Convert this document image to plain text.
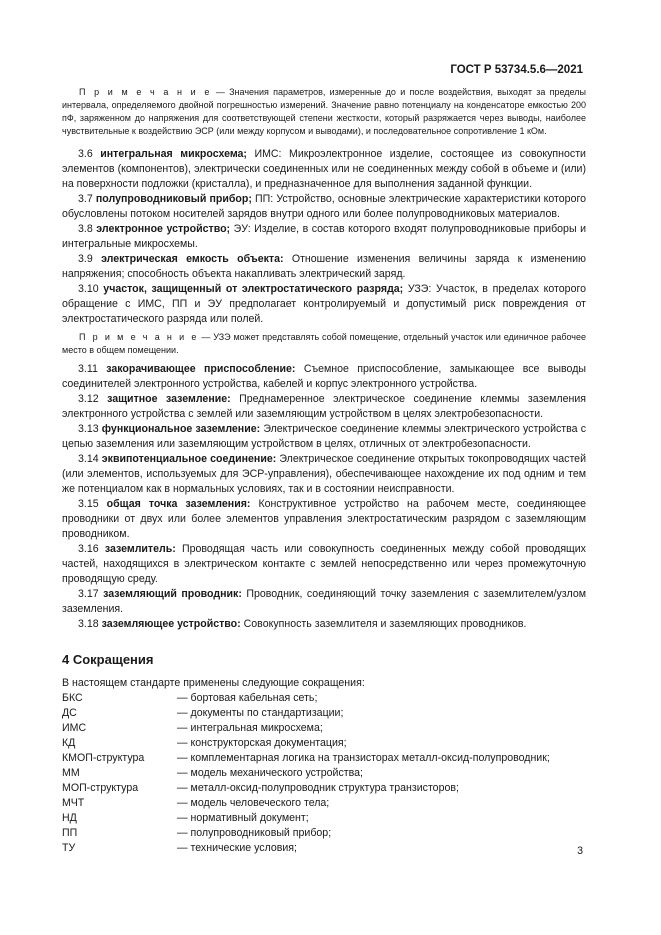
ГОСТ Р 53734.5.6—2021

П р и м е ч а н и е — Значения параметров, измеренные до и после воздействия, выходят за пределы интервала, определяемого двойной погрешностью измерений. Значение равно потенциалу на конденсаторе емкостью 200 пФ, заряженном до напряжения для соответствующей степени жесткости, который разряжается через выводы, наиболее чувствительные к воздействию ЭСР (или между корпусом и выводами), и последовательное сопротивление 1 кОм.

3.6 интегральная микросхема; ИМС: Микроэлектронное изделие, состоящее из совокупности элементов (компонентов), электрически соединенных или не соединенных между собой в объеме и (или) на поверхности подложки (кристалла), и предназначенное для выполнения заданной функции.

3.7 полупроводниковый прибор; ПП: Устройство, основные электрические характеристики которого обусловлены потоком носителей зарядов внутри одного или более полупроводниковых материалов.

3.8 электронное устройство; ЭУ: Изделие, в состав которого входят полупроводниковые приборы и интегральные микросхемы.

3.9 электрическая емкость объекта: Отношение изменения величины заряда к изменению напряжения; способность объекта накапливать электрический заряд.

3.10 участок, защищенный от электростатического разряда; УЗЭ: Участок, в пределах которого обращение с ИМС, ПП и ЭУ предполагает контролируемый и допустимый риск повреждения от электростатического разряда или полей.

П р и м е ч а н и е — УЗЭ может представлять собой помещение, отдельный участок или единичное рабочее место в общем помещении.

3.11 закорачивающее приспособление: Съемное приспособление, замыкающее все выводы соединителей электронного устройства, кабелей и корпус электронного устройства.

3.12 защитное заземление: Преднамеренное электрическое соединение клеммы заземления электронного устройства с землей или заземляющим устройством в целях электробезопасности.

3.13 функциональное заземление: Электрическое соединение клеммы электрического устройства с цепью заземления или заземляющим устройством в целях, отличных от электробезопасности.

3.14 эквипотенциальное соединение: Электрическое соединение открытых токопроводящих частей (или элементов, используемых для ЭСР-управления), обеспечивающее нахождение их под одним и тем же потенциалом как в нормальных условиях, так и в состоянии неисправности.

3.15 общая точка заземления: Конструктивное устройство на рабочем месте, соединяющее проводники от двух или более элементов управления электростатическим разрядом с заземляющим проводником.

3.16 заземлитель: Проводящая часть или совокупность соединенных между собой проводящих частей, находящихся в электрическом контакте с землей непосредственно или через промежуточную проводящую среду.

3.17 заземляющий проводник: Проводник, соединяющий точку заземления с заземлителем/узлом заземления.

3.18 заземляющее устройство: Совокупность заземлителя и заземляющих проводников.

4 Сокращения

В настоящем стандарте применены следующие сокращения:

БКС	— бортовая кабельная сеть;
ДС	— документы по стандартизации;
ИМС	— интегральная микросхема;
КД	— конструкторская документация;
КМОП-структура	— комплементарная логика на транзисторах металл-оксид-полупроводник;
ММ	— модель механического устройства;
МОП-структура	— металл-оксид-полупроводник структура транзисторов;
МЧТ	— модель человеческого тела;
НД	— нормативный документ;
ПП	— полупроводниковый прибор;
ТУ	— технические условия;	3
